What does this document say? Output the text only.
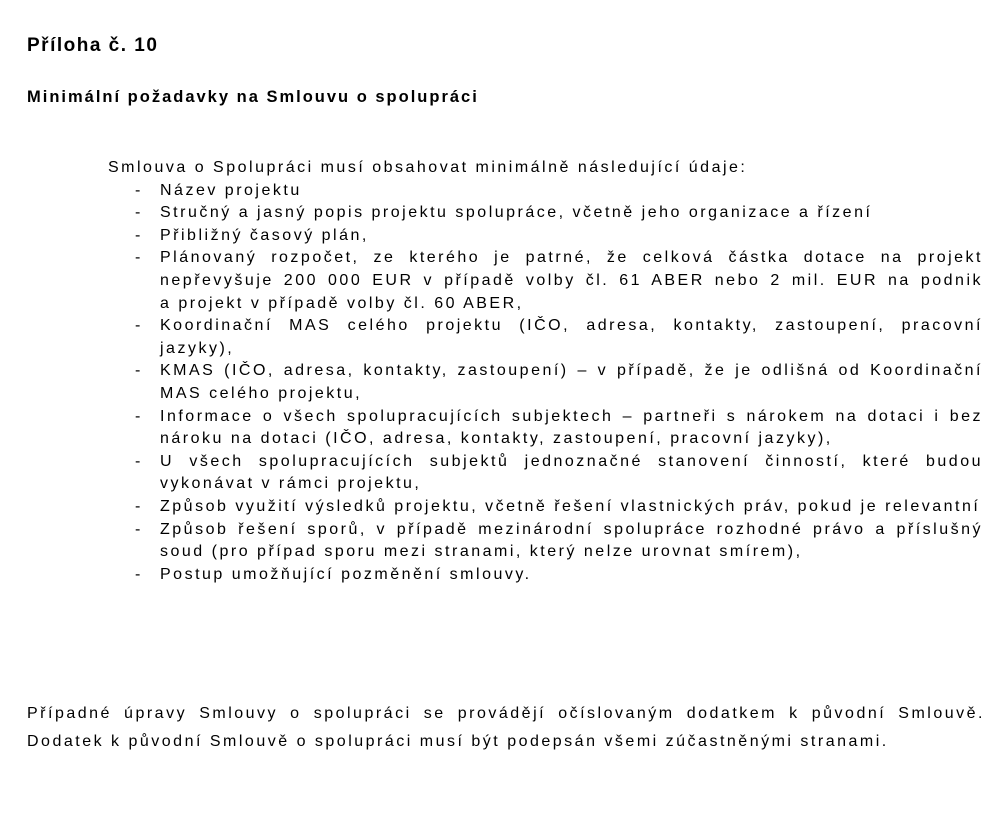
Příloha č. 10
Minimální požadavky na Smlouvu o spolupráci

Smlouva o Spolupráci musí obsahovat minimálně následující údaje:

- Název projektu
- Stručný a jasný popis projektu spolupráce, včetně jeho organizace a řízení
- Přibližný časový plán,
- Plánovaný rozpočet, ze kterého je patrné, že celková částka dotace na projekt nepřevyšuje 200 000 EUR v případě volby čl. 61 ABER nebo 2 mil. EUR na podnik a projekt v případě volby čl. 60 ABER,
- Koordinační MAS celého projektu (IČO, adresa, kontakty, zastoupení, pracovní jazyky),
- KMAS (IČO, adresa, kontakty, zastoupení) – v případě, že je odlišná od Koordinační MAS celého projektu,
- Informace o všech spolupracujících subjektech – partneři s nárokem na dotaci i bez nároku na dotaci (IČO, adresa, kontakty, zastoupení, pracovní jazyky),
- U všech spolupracujících subjektů jednoznačné stanovení činností, které budou vykonávat v rámci projektu,
- Způsob využití výsledků projektu, včetně řešení vlastnických práv, pokud je relevantní
- Způsob řešení sporů, v případě mezinárodní spolupráce rozhodné právo a příslušný soud (pro případ sporu mezi stranami, který nelze urovnat smírem),
- Postup umožňující pozměnění smlouvy.

Případné úpravy Smlouvy o spolupráci se provádějí očíslovaným dodatkem k původní Smlouvě. Dodatek k původní Smlouvě o spolupráci musí být podepsán všemi zúčastněnými stranami.
